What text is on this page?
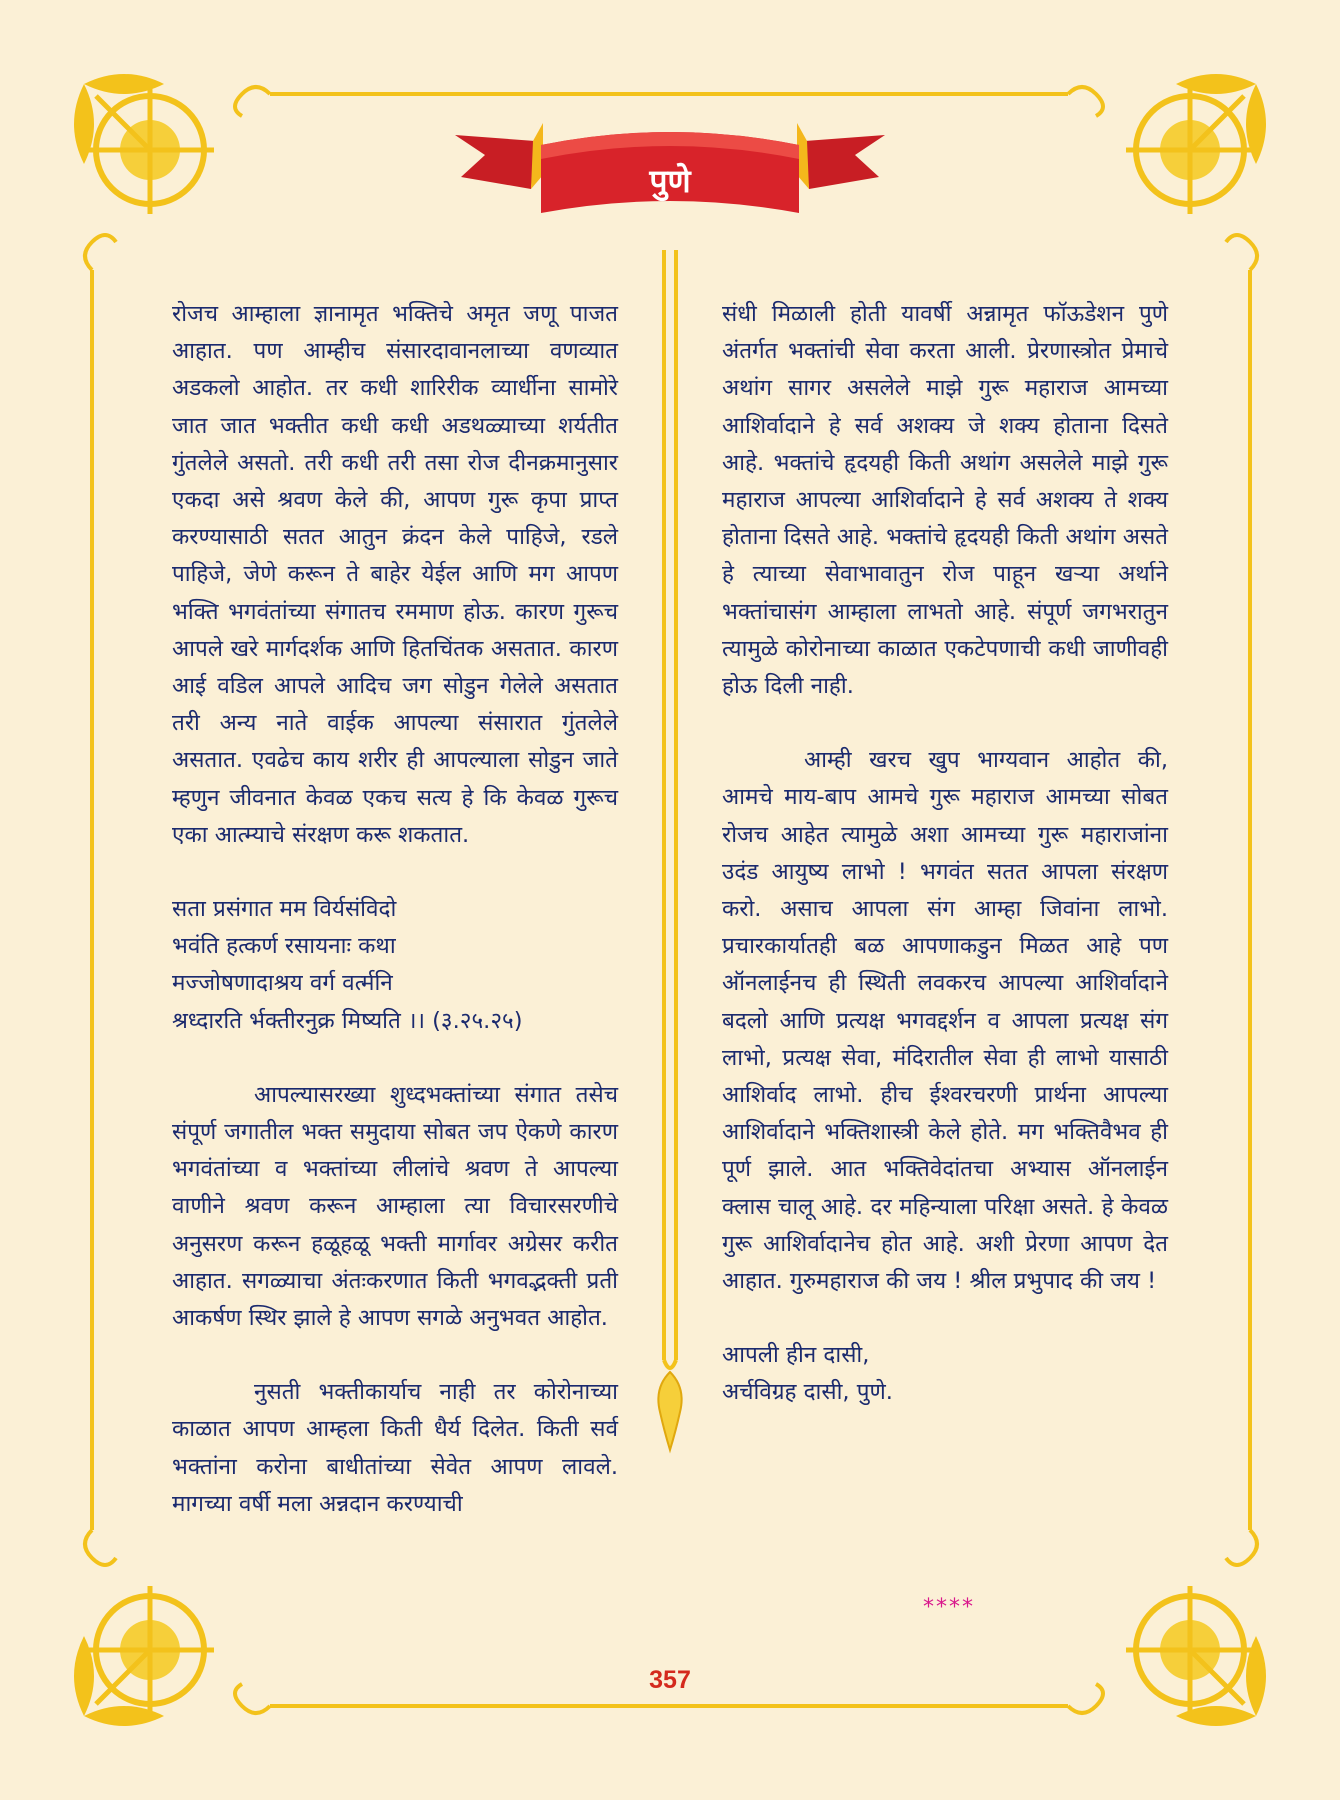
पुणे

रोजच आम्हाला ज्ञानामृत भक्तिचे अमृत जणू पाजत आहात. पण आम्हीच संसारदावानलाच्या वणव्यात अडकलो आहोत. तर कधी शारिरीक व्यार्धीना सामोरे जात जात भक्तीत कधी कधी अडथळ्याच्या शर्यतीत गुंतलेले असतो. तरी कधी तरी तसा रोज दीनक्रमानुसार एकदा असे श्रवण केले की, आपण गुरू कृपा प्राप्त करण्यासाठी सतत आतुन क्रंदन केले पाहिजे, रडले पाहिजे, जेणे करून ते बाहेर येईल आणि मग आपण भक्ति भगवंतांच्या संगातच रममाण होऊ. कारण गुरूच आपले खरे मार्गदर्शक आणि हितचिंतक असतात. कारण आई वडिल आपले आदिच जग सोडुन गेलेले असतात तरी अन्य नाते वाईक आपल्या संसारात गुंतलेले असतात. एवढेच काय शरीर ही आपल्याला सोडुन जाते म्हणुन जीवनात केवळ एकच सत्य हे कि केवळ गुरूच एका आत्म्याचे संरक्षण करू शकतात.

सता प्रसंगात मम विर्यसंविदो

भवंति हत्कर्ण रसायनाः कथा

मज्जोषणादाश्रय वर्ग वर्त्मनि

श्रध्दारति र्भक्तीरनुक्र मिष्यति ।। (३.२५.२५)

आपल्यासरख्या शुध्दभक्तांच्या संगात तसेच संपूर्ण जगातील भक्त समुदाया सोबत जप ऐकणे कारण भगवंतांच्या व भक्तांच्या लीलांचे श्रवण ते आपल्या वाणीने श्रवण करून आम्हाला त्या विचारसरणीचे अनुसरण करून हळूहळू भक्ती मार्गावर अग्रेसर करीत आहात. सगळ्याचा अंतःकरणात किती भगवद्भक्ती प्रती आकर्षण स्थिर झाले हे आपण सगळे अनुभवत आहोत.

नुसती भक्तीकार्याच नाही तर कोरोनाच्या काळात आपण आम्हला किती धैर्य दिलेत. किती सर्व भक्तांना करोना बाधीतांच्या सेवेत आपण लावले. मागच्या वर्षी मला अन्नदान करण्याची

संधी मिळाली होती यावर्षी अन्नामृत फॉऊडेशन पुणे अंतर्गत भक्तांची सेवा करता आली. प्रेरणास्त्रोत प्रेमाचे अथांग सागर असलेले माझे गुरू महाराज आमच्या आशिर्वादाने हे सर्व अशक्य जे शक्य होताना दिसते आहे. भक्तांचे हृदयही किती अथांग असलेले माझे गुरू महाराज आपल्या आशिर्वादाने हे सर्व अशक्य ते शक्य होताना दिसते आहे. भक्तांचे हृदयही किती अथांग असते हे त्याच्या सेवाभावातुन रोज पाहून खऱ्या अर्थाने भक्तांचासंग आम्हाला लाभतो आहे. संपूर्ण जगभरातुन त्यामुळे कोरोनाच्या काळात एकटेपणाची कधी जाणीवही होऊ दिली नाही.

आम्ही खरच खुप भाग्यवान आहोत की, आमचे माय-बाप आमचे गुरू महाराज आमच्या सोबत रोजच आहेत त्यामुळे अशा आमच्या गुरू महाराजांना उदंड आयुष्य लाभो ! भगवंत सतत आपला संरक्षण करो. असाच आपला संग आम्हा जिवांना लाभो. प्रचारकार्यातही बळ आपणाकडुन मिळत आहे पण ऑनलाईनच ही स्थिती लवकरच आपल्या आशिर्वादाने बदलो आणि प्रत्यक्ष भगवद्दर्शन व आपला प्रत्यक्ष संग लाभो, प्रत्यक्ष सेवा, मंदिरातील सेवा ही लाभो यासाठी आशिर्वाद लाभो. हीच ईश्वरचरणी प्रार्थना आपल्या आशिर्वादाने भक्तिशास्त्री केले होते. मग भक्तिवैभव ही पूर्ण झाले. आत भक्तिवेदांतचा अभ्यास ऑनलाईन क्लास चालू आहे. दर महिन्याला परिक्षा असते. हे केवळ गुरू आशिर्वादानेच होत आहे. अशी प्रेरणा आपण देत आहात. गुरुमहाराज की जय ! श्रील प्रभुपाद की जय !

आपली हीन दासी,

अर्चविग्रह दासी, पुणे.

****
357
